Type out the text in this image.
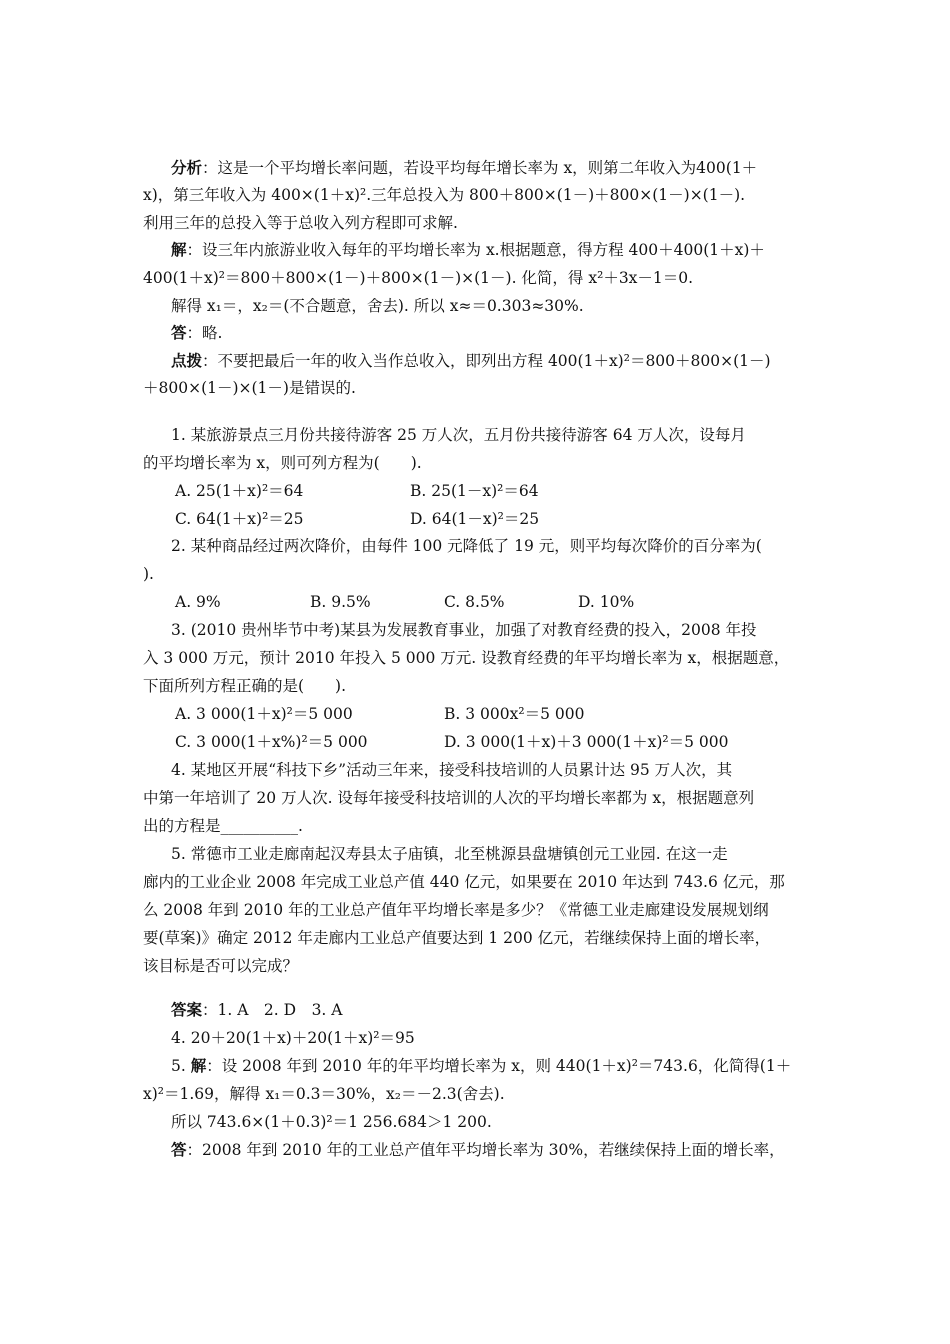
分析：这是一个平均增长率问题，若设平均每年增长率为 x，则第二年收入为400(1＋
x)，第三年收入为 400×(1＋x)².三年总投入为 800＋800×(1－)＋800×(1－)×(1－).
利用三年的总投入等于总收入列方程即可求解.
解：设三年内旅游业收入每年的平均增长率为 x.根据题意，得方程 400＋400(1＋x)＋
400(1＋x)²＝800＋800×(1－)＋800×(1－)×(1－). 化简，得 x²＋3x－1＝0.
解得 x₁＝，x₂＝(不合题意，舍去). 所以 x≈＝0.303≈30%.
答：略.
点拨：不要把最后一年的收入当作总收入，即列出方程 400(1＋x)²＝800＋800×(1－)
＋800×(1－)×(1－)是错误的.
1. 某旅游景点三月份共接待游客 25 万人次，五月份共接待游客 64 万人次，设每月
的平均增长率为 x，则可列方程为(　　).
A. 25(1＋x)²＝64	B. 25(1－x)²＝64
C. 64(1＋x)²＝25	D. 64(1－x)²＝25
2. 某种商品经过两次降价，由每件 100 元降低了 19 元，则平均每次降价的百分率为(
).
A. 9%	B. 9.5%	C. 8.5%	D. 10%
3. (2010 贵州毕节中考)某县为发展教育事业，加强了对教育经费的投入，2008 年投
入 3 000 万元，预计 2010 年投入 5 000 万元. 设教育经费的年平均增长率为 x，根据题意，
下面所列方程正确的是(　　).
A. 3 000(1＋x)²＝5 000	B. 3 000x²＝5 000
C. 3 000(1＋x%)²＝5 000	D. 3 000(1＋x)＋3 000(1＋x)²＝5 000
4. 某地区开展“科技下乡”活动三年来，接受科技培训的人员累计达 95 万人次，其
中第一年培训了 20 万人次. 设每年接受科技培训的人次的平均增长率都为 x，根据题意列
出的方程是__________.
5. 常德市工业走廊南起汉寿县太子庙镇，北至桃源县盘塘镇创元工业园. 在这一走
廊内的工业企业 2008 年完成工业总产值 440 亿元，如果要在 2010 年达到 743.6 亿元，那
么 2008 年到 2010 年的工业总产值年平均增长率是多少？《常德工业走廊建设发展规划纲
要(草案)》确定 2012 年走廊内工业总产值要达到 1 200 亿元，若继续保持上面的增长率，
该目标是否可以完成？
答案：1. A　2. D　3. A
4. 20＋20(1＋x)＋20(1＋x)²＝95
5. 解：设 2008 年到 2010 年的年平均增长率为 x，则 440(1＋x)²＝743.6，化简得(1＋
x)²＝1.69，解得 x₁＝0.3＝30%，x₂＝－2.3(舍去).
所以 743.6×(1＋0.3)²＝1 256.684＞1 200.
答：2008 年到 2010 年的工业总产值年平均增长率为 30%，若继续保持上面的增长率，
